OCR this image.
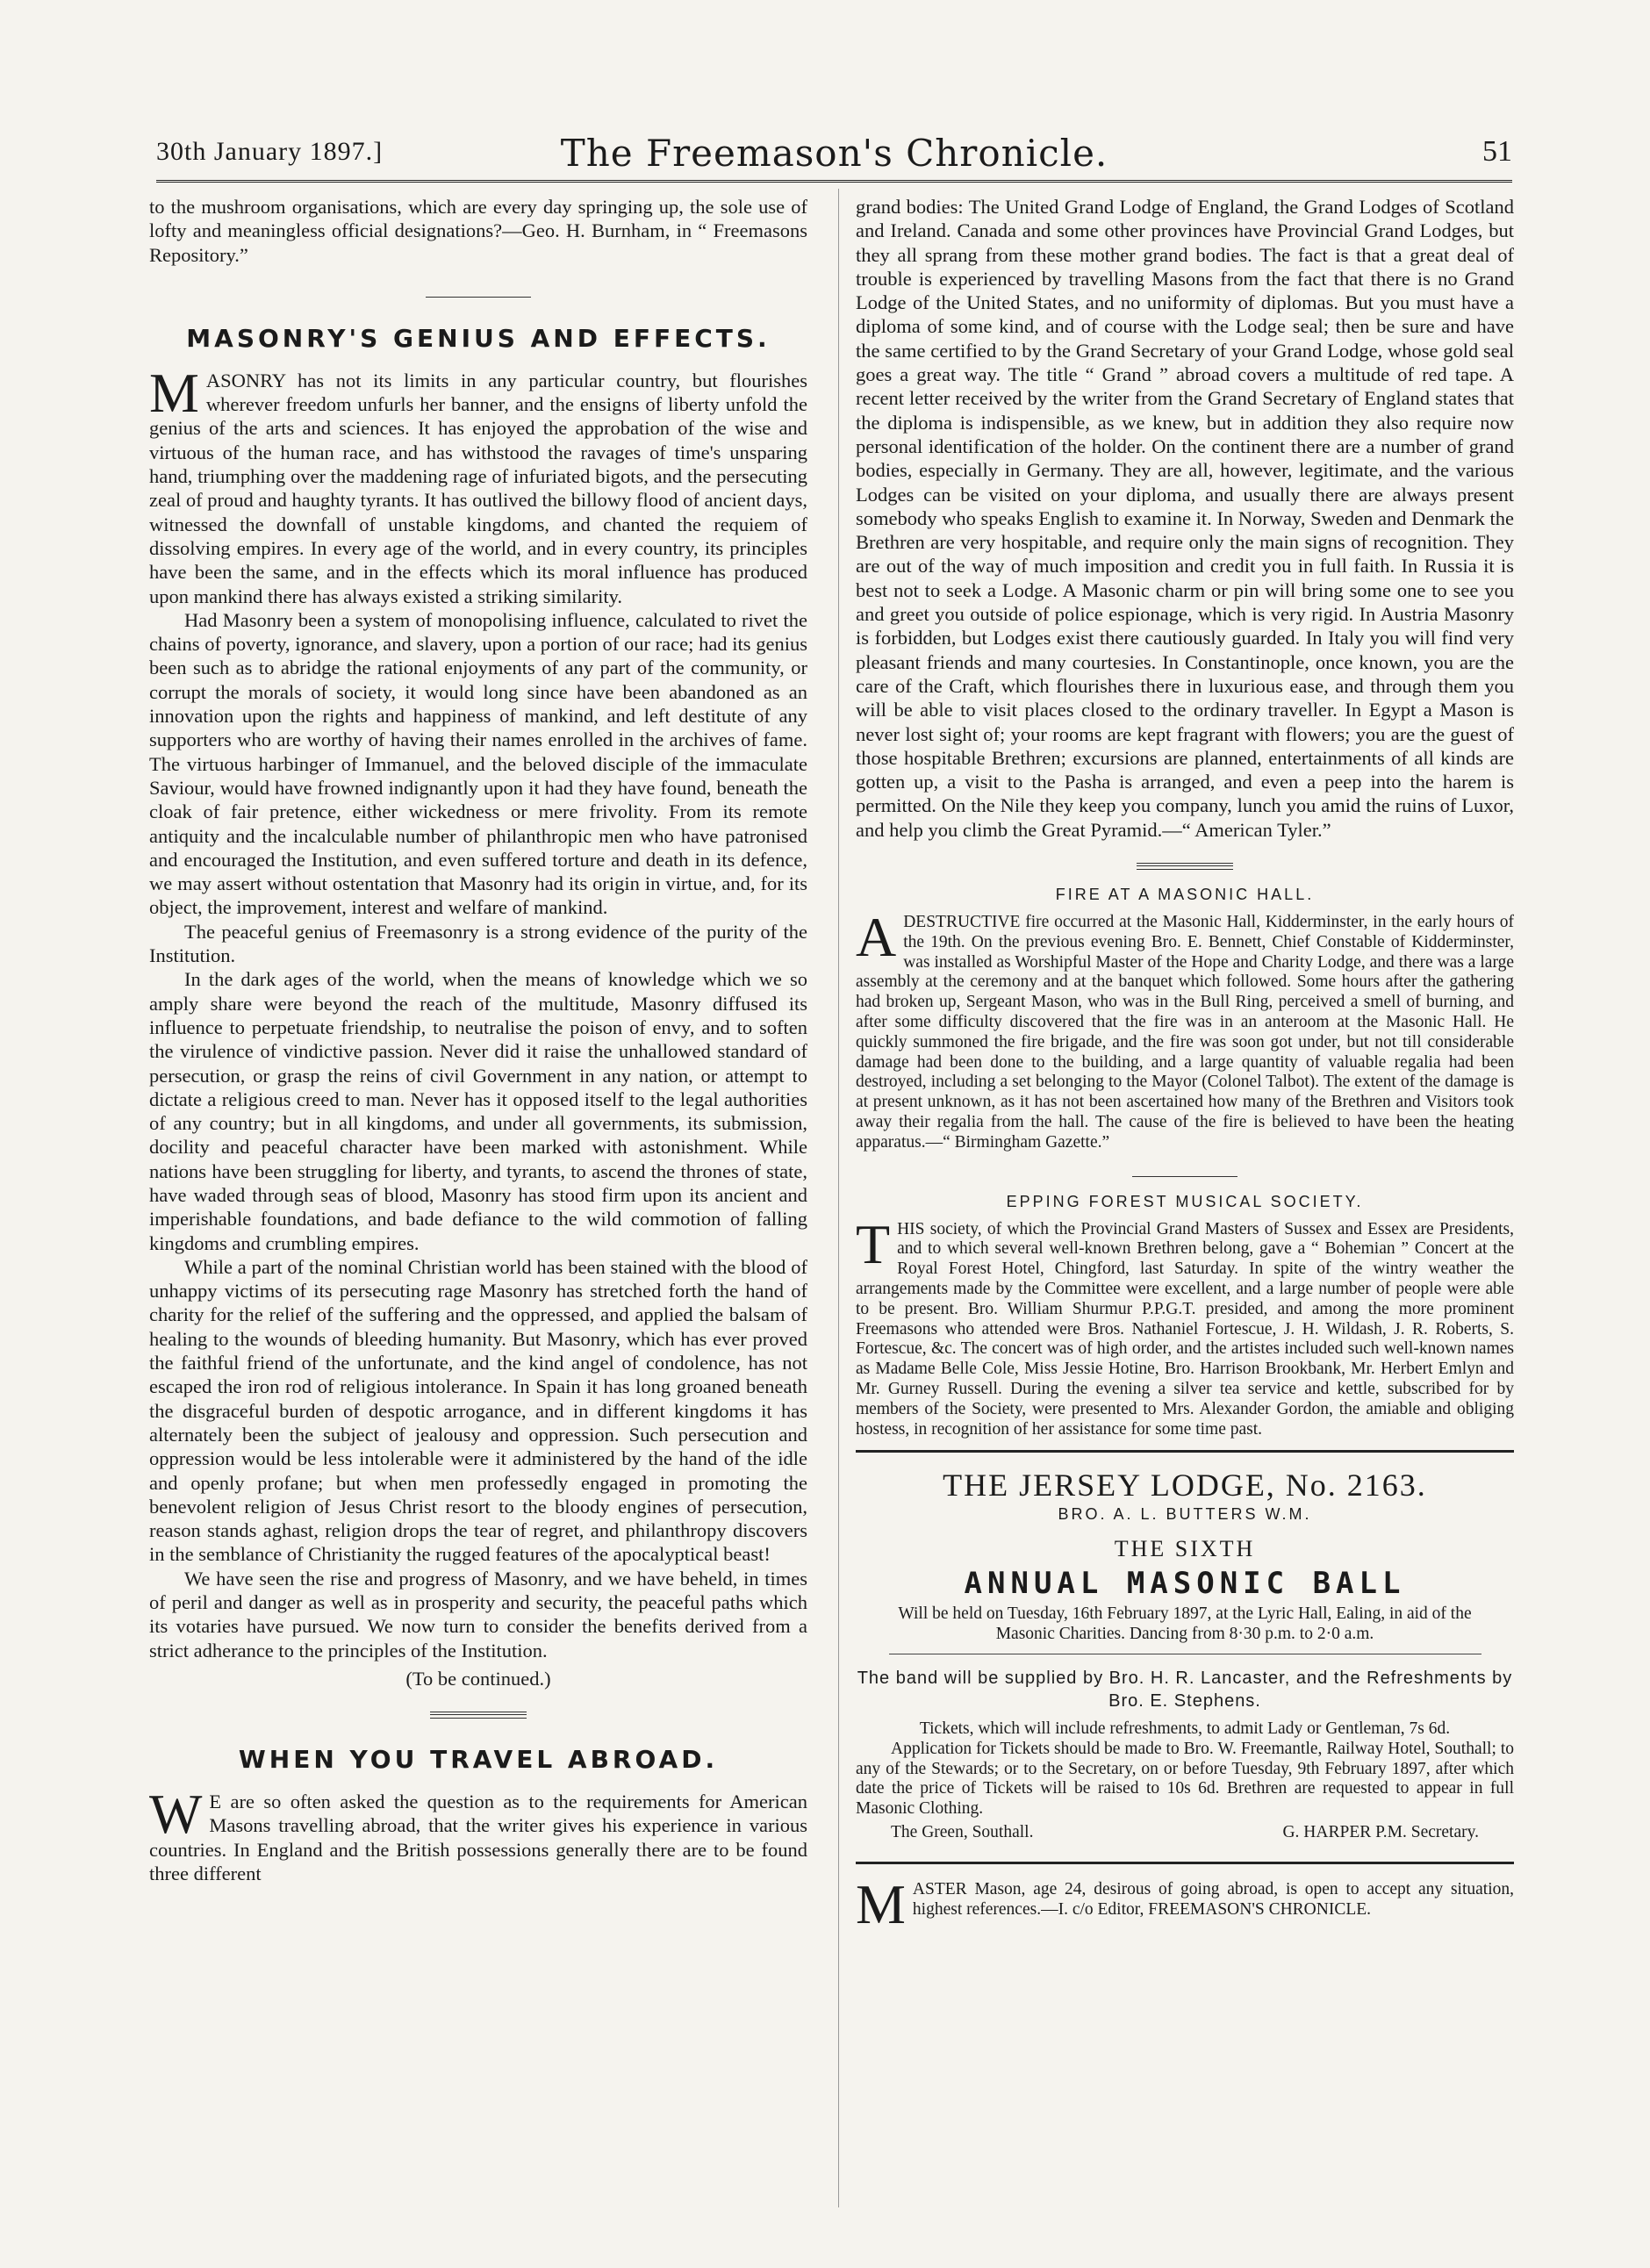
30th January 1897.]	The Freemason's Chronicle.	51

to the mushroom organisations, which are every day springing up, the sole use of lofty and meaningless official designations?—Geo. H. Burnham, in “ Freemasons Repository.”

MASONRY'S GENIUS AND EFFECTS.

MASONRY has not its limits in any particular country, but flourishes wherever freedom unfurls her banner, and the ensigns of liberty unfold the genius of the arts and sciences. It has enjoyed the approbation of the wise and virtuous of the human race, and has withstood the ravages of time's unsparing hand, triumphing over the maddening rage of infuriated bigots, and the persecuting zeal of proud and haughty tyrants. It has outlived the billowy flood of ancient days, witnessed the downfall of unstable kingdoms, and chanted the requiem of dissolving empires. In every age of the world, and in every country, its principles have been the same, and in the effects which its moral influence has produced upon mankind there has always existed a striking similarity.

Had Masonry been a system of monopolising influence, calculated to rivet the chains of poverty, ignorance, and slavery, upon a portion of our race; had its genius been such as to abridge the rational enjoyments of any part of the community, or corrupt the morals of society, it would long since have been abandoned as an innovation upon the rights and happiness of mankind, and left destitute of any supporters who are worthy of having their names enrolled in the archives of fame. The virtuous harbinger of Immanuel, and the beloved disciple of the immaculate Saviour, would have frowned indignantly upon it had they have found, beneath the cloak of fair pretence, either wickedness or mere frivolity. From its remote antiquity and the incalculable number of philanthropic men who have patronised and encouraged the Institution, and even suffered torture and death in its defence, we may assert without ostentation that Masonry had its origin in virtue, and, for its object, the improvement, interest and welfare of mankind.

The peaceful genius of Freemasonry is a strong evidence of the purity of the Institution.

In the dark ages of the world, when the means of knowledge which we so amply share were beyond the reach of the multitude, Masonry diffused its influence to perpetuate friendship, to neutralise the poison of envy, and to soften the virulence of vindictive passion. Never did it raise the unhallowed standard of persecution, or grasp the reins of civil Government in any nation, or attempt to dictate a religious creed to man. Never has it opposed itself to the legal authorities of any country; but in all kingdoms, and under all governments, its submission, docility and peaceful character have been marked with astonishment. While nations have been struggling for liberty, and tyrants, to ascend the thrones of state, have waded through seas of blood, Masonry has stood firm upon its ancient and imperishable foundations, and bade defiance to the wild commotion of falling kingdoms and crumbling empires.

While a part of the nominal Christian world has been stained with the blood of unhappy victims of its persecuting rage Masonry has stretched forth the hand of charity for the relief of the suffering and the oppressed, and applied the balsam of healing to the wounds of bleeding humanity. But Masonry, which has ever proved the faithful friend of the unfortunate, and the kind angel of condolence, has not escaped the iron rod of religious intolerance. In Spain it has long groaned beneath the disgraceful burden of despotic arrogance, and in different kingdoms it has alternately been the subject of jealousy and oppression. Such persecution and oppression would be less intolerable were it administered by the hand of the idle and openly profane; but when men professedly engaged in promoting the benevolent religion of Jesus Christ resort to the bloody engines of persecution, reason stands aghast, religion drops the tear of regret, and philanthropy discovers in the semblance of Christianity the rugged features of the apocalyptical beast!

We have seen the rise and progress of Masonry, and we have beheld, in times of peril and danger as well as in prosperity and security, the peaceful paths which its votaries have pursued. We now turn to consider the benefits derived from a strict adherance to the principles of the Institution.

(To be continued.)
WHEN YOU TRAVEL ABROAD.

W E are so often asked the question as to the requirements for American Masons travelling abroad, that the writer gives his experience in various countries. In England and the British possessions generally there are to be found three different

grand bodies: The United Grand Lodge of England, the Grand Lodges of Scotland and Ireland. Canada and some other provinces have Provincial Grand Lodges, but they all sprang from these mother grand bodies. The fact is that a great deal of trouble is experienced by travelling Masons from the fact that there is no Grand Lodge of the United States, and no uniformity of diplomas. But you must have a diploma of some kind, and of course with the Lodge seal; then be sure and have the same certified to by the Grand Secretary of your Grand Lodge, whose gold seal goes a great way. The title “ Grand ” abroad covers a multitude of red tape. A recent letter received by the writer from the Grand Secretary of England states that the diploma is indispensible, as we knew, but in addition they also require now personal identification of the holder. On the continent there are a number of grand bodies, especially in Germany. They are all, however, legitimate, and the various Lodges can be visited on your diploma, and usually there are always present somebody who speaks English to examine it. In Norway, Sweden and Denmark the Brethren are very hospitable, and require only the main signs of recognition. They are out of the way of much imposition and credit you in full faith. In Russia it is best not to seek a Lodge. A Masonic charm or pin will bring some one to see you and greet you outside of police espionage, which is very rigid. In Austria Masonry is forbidden, but Lodges exist there cautiously guarded. In Italy you will find very pleasant friends and many courtesies. In Constantinople, once known, you are the care of the Craft, which flourishes there in luxurious ease, and through them you will be able to visit places closed to the ordinary traveller. In Egypt a Mason is never lost sight of; your rooms are kept fragrant with flowers; you are the guest of those hospitable Brethren; excursions are planned, entertainments of all kinds are gotten up, a visit to the Pasha is arranged, and even a peep into the harem is permitted. On the Nile they keep you company, lunch you amid the ruins of Luxor, and help you climb the Great Pyramid.—“ American Tyler.”

FIRE AT A MASONIC HALL.

ADESTRUCTIVE fire occurred at the Masonic Hall, Kidderminster, in the early hours of the 19th. On the previous evening Bro. E. Bennett, Chief Constable of Kidderminster, was installed as Worshipful Master of the Hope and Charity Lodge, and there was a large assembly at the ceremony and at the banquet which followed. Some hours after the gathering had broken up, Sergeant Mason, who was in the Bull Ring, perceived a smell of burning, and after some difficulty discovered that the fire was in an anteroom at the Masonic Hall. He quickly summoned the fire brigade, and the fire was soon got under, but not till considerable damage had been done to the building, and a large quantity of valuable regalia had been destroyed, including a set belonging to the Mayor (Colonel Talbot). The extent of the damage is at present unknown, as it has not been ascertained how many of the Brethren and Visitors took away their regalia from the hall. The cause of the fire is believed to have been the heating apparatus.—“ Birmingham Gazette.”

EPPING FOREST MUSICAL SOCIETY.

THIS society, of which the Provincial Grand Masters of Sussex and Essex are Presidents, and to which several well-known Brethren belong, gave a “ Bohemian ” Concert at the Royal Forest Hotel, Chingford, last Saturday. In spite of the wintry weather the arrangements made by the Committee were excellent, and a large number of people were able to be present. Bro. William Shurmur P.P.G.T. presided, and among the more prominent Freemasons who attended were Bros. Nathaniel Fortescue, J. H. Wildash, J. R. Roberts, S. Fortescue, &c. The concert was of high order, and the artistes included such well-known names as Madame Belle Cole, Miss Jessie Hotine, Bro. Harrison Brookbank, Mr. Herbert Emlyn and Mr. Gurney Russell. During the evening a silver tea service and kettle, subscribed for by members of the Society, were presented to Mrs. Alexander Gordon, the amiable and obliging hostess, in recognition of her assistance for some time past.

THE JERSEY LODGE, No. 2163.
BRO. A. L. BUTTERS W.M.
THE SIXTH
ANNUAL MASONIC BALL

Will be held on Tuesday, 16th February 1897, at the Lyric Hall, Ealing, in aid of the Masonic Charities. Dancing from 8·30 p.m. to 2·0 a.m.

The band will be supplied by Bro. H. R. Lancaster, and the Refreshments by Bro. E. Stephens.

Tickets, which will include refreshments, to admit Lady or Gentleman, 7s 6d.

Application for Tickets should be made to Bro. W. Freemantle, Railway Hotel, Southall; to any of the Stewards; or to the Secretary, on or before Tuesday, 9th February 1897, after which date the price of Tickets will be raised to 10s 6d. Brethren are requested to appear in full Masonic Clothing.

The Green, Southall.	G. HARPER P.M. Secretary.

MASTER Mason, age 24, desirous of going abroad, is open to accept any situation, highest references.—I. c/o Editor, FREEMASON'S CHRONICLE.
